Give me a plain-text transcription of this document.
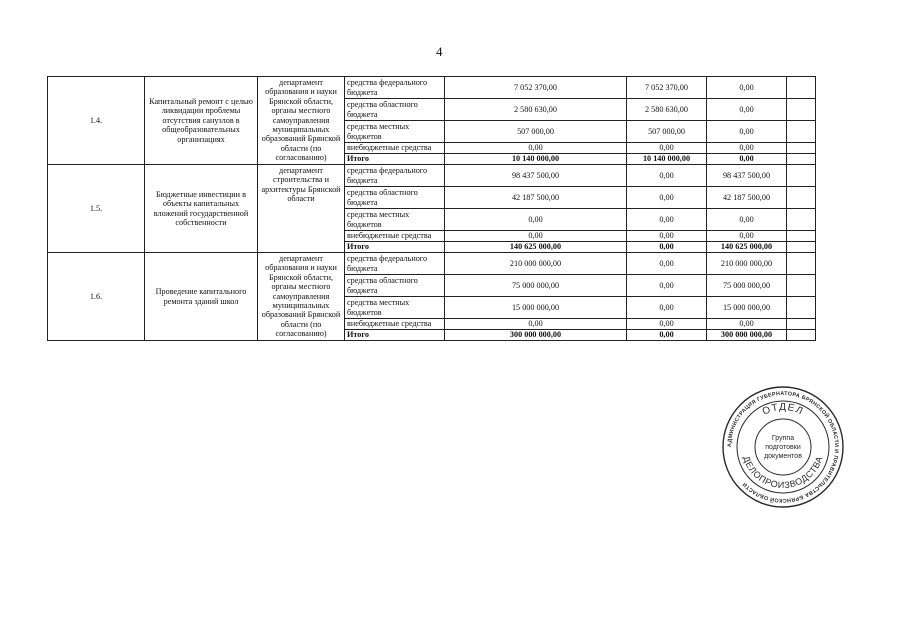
4
1.4.	Капитальный ремонт с целью ликвидации проблемы отсутствия санузлов в общеобразовательных организациях	департамент образования и науки Брянской области, органы местного самоуправления муниципальных образований Брянской области (по согласованию)	средства федерального бюджета	7 052 370,00	7 052 370,00	0,00	
			средства областного бюджета	2 580 630,00	2 580 630,00	0,00	
			средства местных бюджетов	507 000,00	507 000,00	0,00	
			внебюджетные средства	0,00	0,00	0,00	
			Итого	10 140 000,00	10 140 000,00	0,00	
1.5.	Бюджетные инвестиции в объекты капитальных вложений государственной собственности	департамент строительства и архитектуры Брянской области	средства федерального бюджета	98 437 500,00	0,00	98 437 500,00	
			средства областного бюджета	42 187 500,00	0,00	42 187 500,00	
			средства местных бюджетов	0,00	0,00	0,00	
			внебюджетные средства	0,00	0,00	0,00	
			Итого	140 625 000,00	0,00	140 625 000,00	
1.6.	Проведение капитального ремонта зданий школ	департамент образования и науки Брянской области, органы местного самоуправления муниципальных образований Брянской области (по согласованию)	средства федерального бюджета	210 000 000,00	0,00	210 000 000,00	
			средства областного бюджета	75 000 000,00	0,00	75 000 000,00	
			средства местных бюджетов	15 000 000,00	0,00	15 000 000,00	
			внебюджетные средства	0,00	0,00	0,00	
			Итого	300 000 000,00	0,00	300 000 000,00	
АДМИНИСТРАЦИЯ ГУБЕРНАТОРА БРЯНСКОЙ ОБЛАСТИ И ПРАВИТЕЛЬСТВА БРЯНСКОЙ ОБЛАСТИ
ОТДЕЛ
ДЕЛОПРОИЗВОДСТВА
Группа
подготовки
документов
